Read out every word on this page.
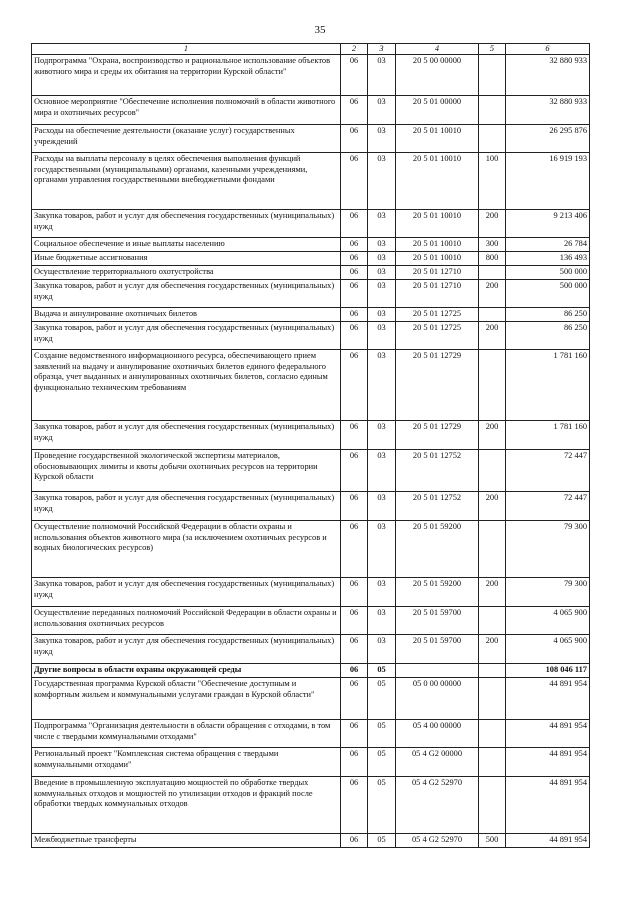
35
1	2	3	4	5	6
Подпрограмма "Охрана, воспроизводство и рациональное использование объектов животного мира и среды их обитания на территории Курской области"	06	03	20 5 00 00000		32 880 933
Основное мероприятие "Обеспечение исполнения полномочий в области животного мира и охотничьих ресурсов"	06	03	20 5 01 00000		32 880 933
Расходы на обеспечение деятельности (оказание услуг) государственных учреждений	06	03	20 5 01 10010		26 295 876
Расходы на выплаты персоналу в целях обеспечения выполнения функций государственными (муниципальными) органами, казенными учреждениями, органами управления государственными внебюджетными фондами	06	03	20 5 01 10010	100	16 919 193
Закупка товаров, работ и услуг для обеспечения государственных (муниципальных) нужд	06	03	20 5 01 10010	200	9 213 406
Социальное обеспечение и иные выплаты населению	06	03	20 5 01 10010	300	26 784
Иные бюджетные ассигнования	06	03	20 5 01 10010	800	136 493
Осуществление территориального охотустройства	06	03	20 5 01 12710		500 000
Закупка товаров, работ и услуг для обеспечения государственных (муниципальных) нужд	06	03	20 5 01 12710	200	500 000
Выдача и аннулирование охотничьих билетов	06	03	20 5 01 12725		86 250
Закупка товаров, работ и услуг для обеспечения государственных (муниципальных) нужд	06	03	20 5 01 12725	200	86 250
Создание ведомственного информационного ресурса, обеспечивающего прием заявлений на выдачу и аннулирование охотничьих билетов единого федерального образца, учет выданных и аннулированных охотничьих билетов, согласно единым функционально техническим требованиям	06	03	20 5 01 12729		1 781 160
Закупка товаров, работ и услуг для обеспечения государственных (муниципальных) нужд	06	03	20 5 01 12729	200	1 781 160
Проведение государственной экологической экспертизы материалов, обосновывающих лимиты и квоты добычи охотничьих ресурсов на территории Курской области	06	03	20 5 01 12752		72 447
Закупка товаров, работ и услуг для обеспечения государственных (муниципальных) нужд	06	03	20 5 01 12752	200	72 447
Осуществление полномочий Российской Федерации в области охраны и использования объектов животного мира (за исключением охотничьих ресурсов и водных биологических ресурсов)	06	03	20 5 01 59200		79 300
Закупка товаров, работ и услуг для обеспечения государственных (муниципальных) нужд	06	03	20 5 01 59200	200	79 300
Осуществление переданных полномочий Российской Федерации в области охраны и использования охотничьих ресурсов	06	03	20 5 01 59700		4 065 900
Закупка товаров, работ и услуг для обеспечения государственных (муниципальных) нужд	06	03	20 5 01 59700	200	4 065 900
Другие вопросы в области охраны окружающей среды	06	05			108 046 117
Государственная программа Курской области "Обеспечение доступным и комфортным жильем и коммунальными услугами граждан в Курской области"	06	05	05 0 00 00000		44 891 954
Подпрограмма "Организация деятельности в области обращения с отходами, в том числе с твердыми коммунальными отходами"	06	05	05 4 00 00000		44 891 954
Региональный проект "Комплексная система обращения с твердыми коммунальными отходами"	06	05	05 4 G2 00000		44 891 954
Введение в промышленную эксплуатацию мощностей по обработке твердых коммунальных отходов и мощностей по утилизации отходов и фракций после обработки твердых коммунальных отходов	06	05	05 4 G2 52970		44 891 954
Межбюджетные трансферты	06	05	05 4 G2 52970	500	44 891 954
